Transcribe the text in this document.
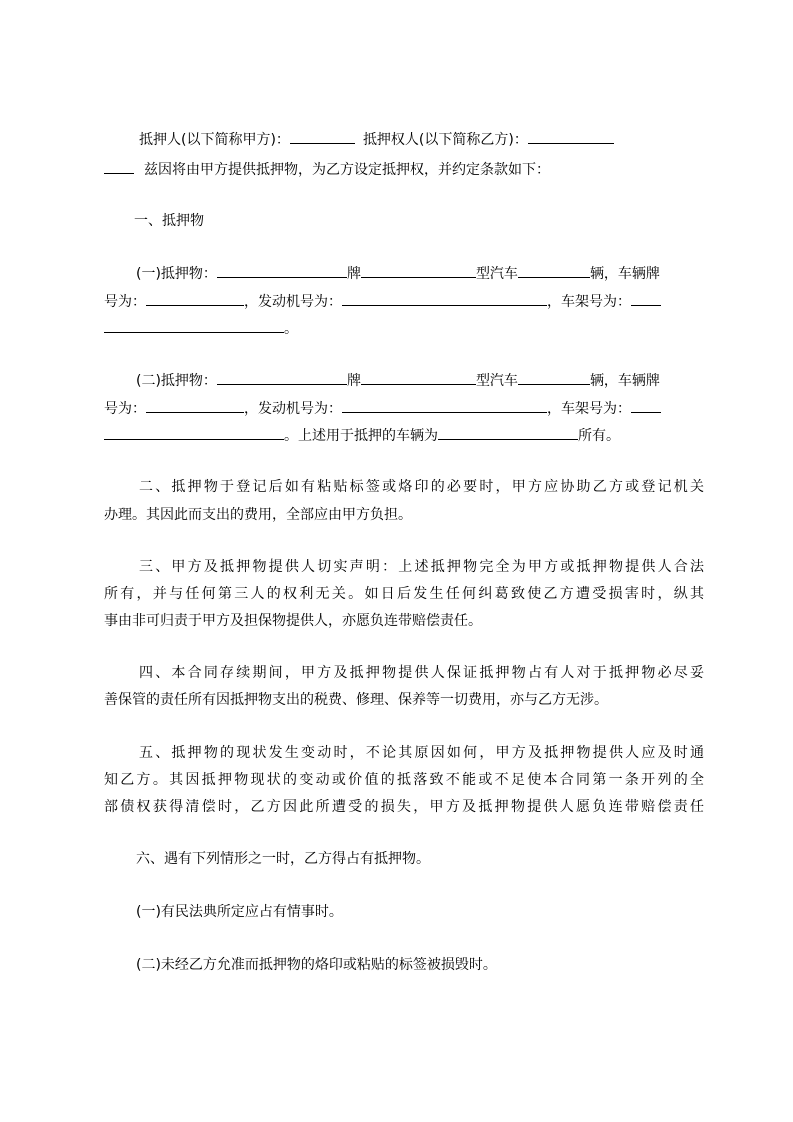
抵押人(以下简称甲方)：	抵押权人(以下简称乙方)：
兹因将由甲方提供抵押物，为乙方设定抵押权，并约定条款如下：
一、抵押物
(一)抵押物：	牌	型汽车	辆，车辆牌
号为：	，发动机号为：	，车架号为：
。
(二)抵押物：	牌	型汽车	辆，车辆牌
号为：	，发动机号为：	，车架号为：
。上述用于抵押的车辆为	所有。
二、抵押物于登记后如有粘贴标签或烙印的必要时，甲方应协助乙方或登记机关
办理。其因此而支出的费用，全部应由甲方负担。
三、甲方及抵押物提供人切实声明：上述抵押物完全为甲方或抵押物提供人合法
所有，并与任何第三人的权利无关。如日后发生任何纠葛致使乙方遭受损害时，纵其
事由非可归责于甲方及担保物提供人，亦愿负连带赔偿责任。
四、本合同存续期间，甲方及抵押物提供人保证抵押物占有人对于抵押物必尽妥
善保管的责任所有因抵押物支出的税费、修理、保养等一切费用，亦与乙方无涉。
五、抵押物的现状发生变动时，不论其原因如何，甲方及抵押物提供人应及时通
知乙方。其因抵押物现状的变动或价值的抵落致不能或不足使本合同第一条开列的全
部债权获得清偿时，乙方因此所遭受的损失，甲方及抵押物提供人愿负连带赔偿责任
六、遇有下列情形之一时，乙方得占有抵押物。
(一)有民法典所定应占有情事时。
(二)未经乙方允准而抵押物的烙印或粘贴的标签被损毁时。
